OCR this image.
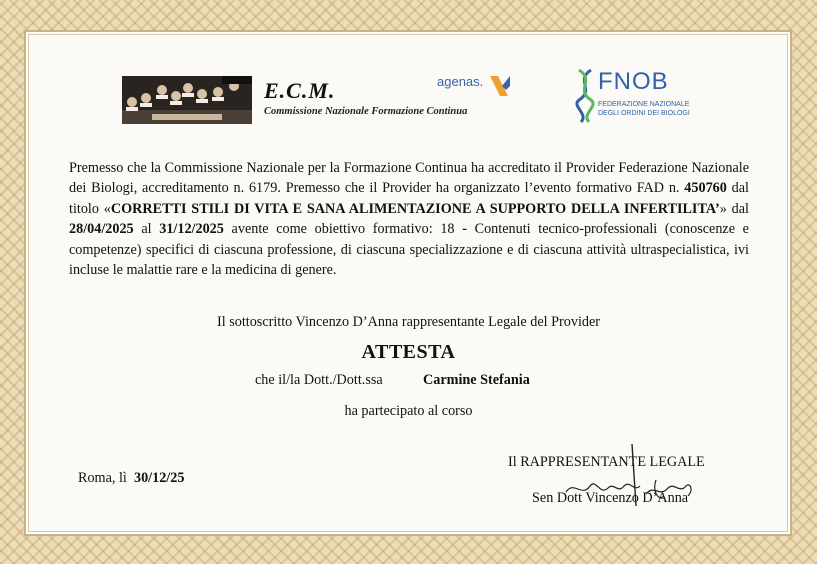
E.C.M.
Commissione Nazionale Formazione Continua
agenas.	FNOB
FEDERAZIONE NAZIONALE
DEGLI ORDINI DEI BIOLOGI
Premesso che la Commissione Nazionale per la Formazione Continua ha accreditato il Provider Federazione Nazionale dei Biologi, accreditamento n. 6179. Premesso che il Provider ha organizzato l’evento formativo FAD n. 450760 dal titolo «CORRETTI STILI DI VITA E SANA ALIMENTAZIONE A SUPPORTO DELLA INFERTILITA’» dal 28/04/2025 al 31/12/2025 avente come obiettivo formativo: 18 - Contenuti tecnico-professionali (conoscenze e competenze) specifici di ciascuna professione, di ciascuna specializzazione e di ciascuna attività ultraspecialistica, ivi incluse le malattie rare e la medicina di genere.
Il sottoscritto Vincenzo D’Anna rappresentante Legale del Provider
ATTESTA
che il/la Dott./Dott.ssa	Carmine Stefania
ha partecipato al corso
Roma, lì 30/12/25
Il RAPPRESENTANTE LEGALE
Sen Dott Vincenzo D’Anna
